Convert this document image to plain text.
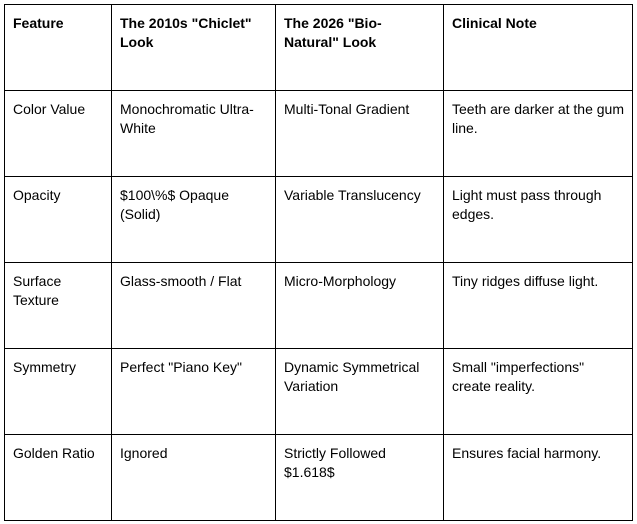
Feature	The 2010s "Chiclet" Look	The 2026 "Bio-Natural" Look	Clinical Note
Color Value	Monochromatic Ultra-White	Multi-Tonal Gradient	Teeth are darker at the gum line.
Opacity	$100\%$ Opaque (Solid)	Variable Translucency	Light must pass through edges.
Surface Texture	Glass-smooth / Flat	Micro-Morphology	Tiny ridges diffuse light.
Symmetry	Perfect "Piano Key"	Dynamic Symmetrical Variation	Small "imperfections" create reality.
Golden Ratio	Ignored	Strictly Followed $1.618$	Ensures facial harmony.
